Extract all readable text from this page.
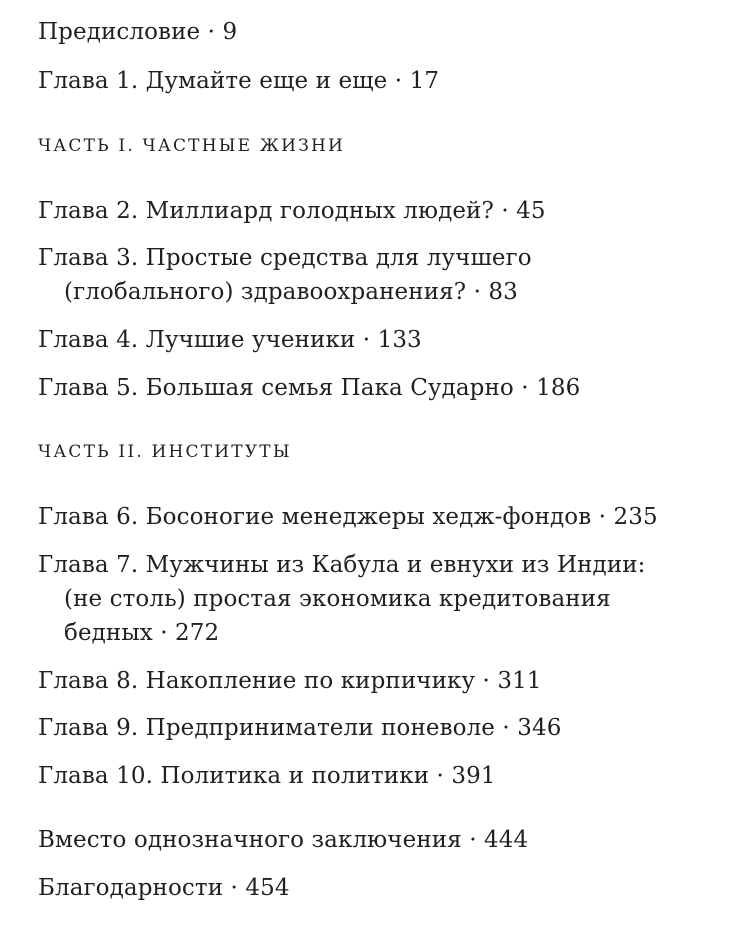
Предисловие · 9
Глава 1. Думайте еще и еще · 17
ЧАСТЬ I. ЧАСТНЫЕ ЖИЗНИ
Глава 2. Миллиард голодных людей? · 45
Глава 3. Простые средства для лучшего
(глобального) здравоохранения? · 83
Глава 4. Лучшие ученики · 133
Глава 5. Большая семья Пака Сударно · 186
ЧАСТЬ II. ИНСТИТУТЫ
Глава 6. Босоногие менеджеры хедж-фондов · 235
Глава 7. Мужчины из Кабула и евнухи из Индии:
(не столь) простая экономика кредитования
бедных · 272
Глава 8. Накопление по кирпичику · 311
Глава 9. Предприниматели поневоле · 346
Глава 10. Политика и политики · 391
Вместо однозначного заключения · 444
Благодарности · 454
